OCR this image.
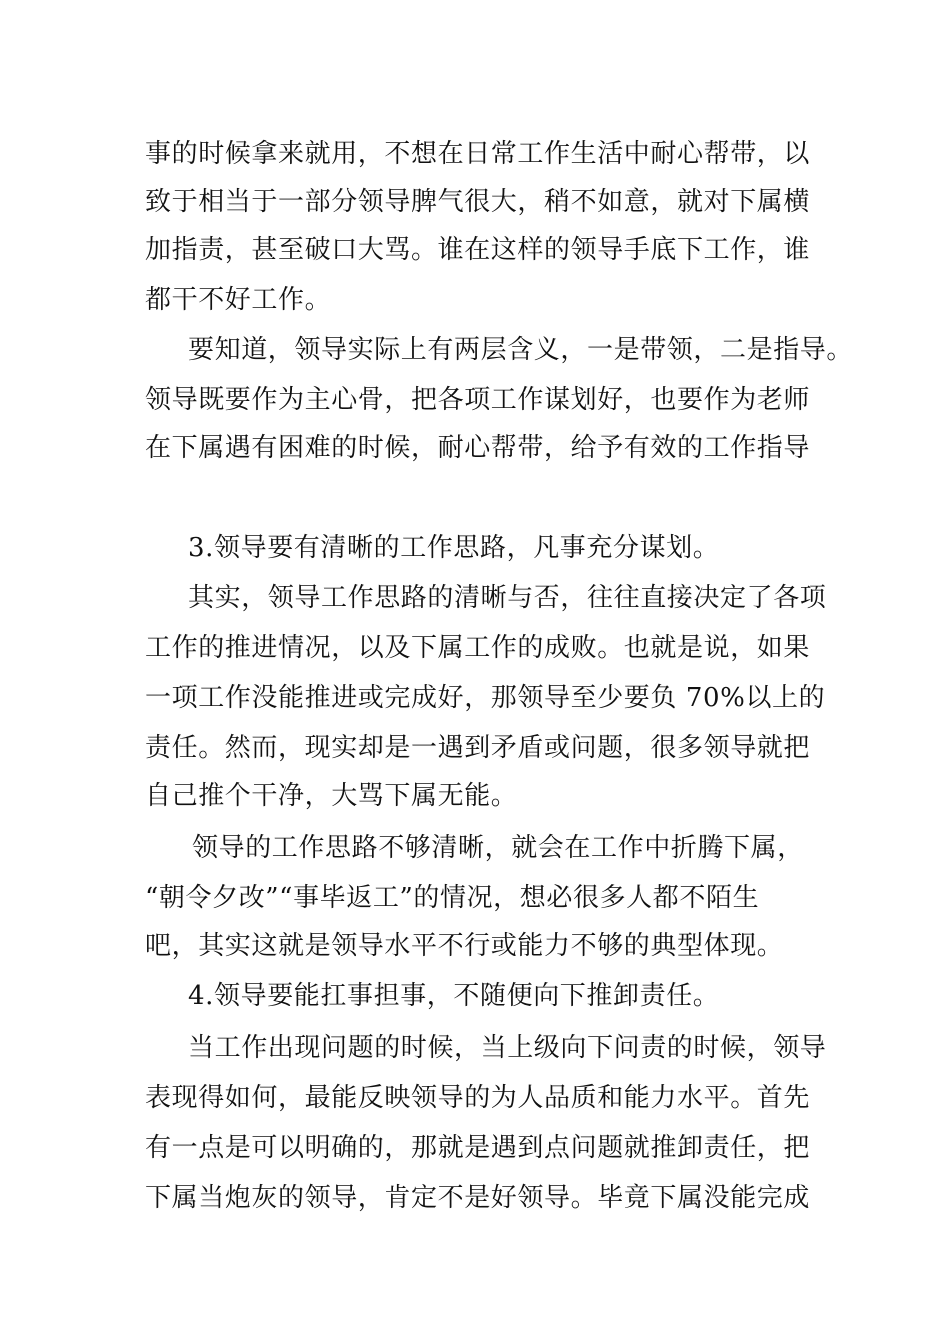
事的时候拿来就用，不想在日常工作生活中耐心帮带，以
致于相当于一部分领导脾气很大，稍不如意，就对下属横
加指责，甚至破口大骂。谁在这样的领导手底下工作，谁
都干不好工作。
要知道，领导实际上有两层含义，一是带领，二是指导。
领导既要作为主心骨，把各项工作谋划好，也要作为老师
在下属遇有困难的时候，耐心帮带，给予有效的工作指导
3.领导要有清晰的工作思路，凡事充分谋划。
其实，领导工作思路的清晰与否，往往直接决定了各项
工作的推进情况，以及下属工作的成败。也就是说，如果
一项工作没能推进或完成好，那领导至少要负 70%以上的
责任。然而，现实却是一遇到矛盾或问题，很多领导就把
自己推个干净，大骂下属无能。
领导的工作思路不够清晰，就会在工作中折腾下属，
“朝令夕改”“事毕返工”的情况，想必很多人都不陌生
吧，其实这就是领导水平不行或能力不够的典型体现。
4.领导要能扛事担事，不随便向下推卸责任。
当工作出现问题的时候，当上级向下问责的时候，领导
表现得如何，最能反映领导的为人品质和能力水平。首先
有一点是可以明确的，那就是遇到点问题就推卸责任，把
下属当炮灰的领导，肯定不是好领导。毕竟下属没能完成
